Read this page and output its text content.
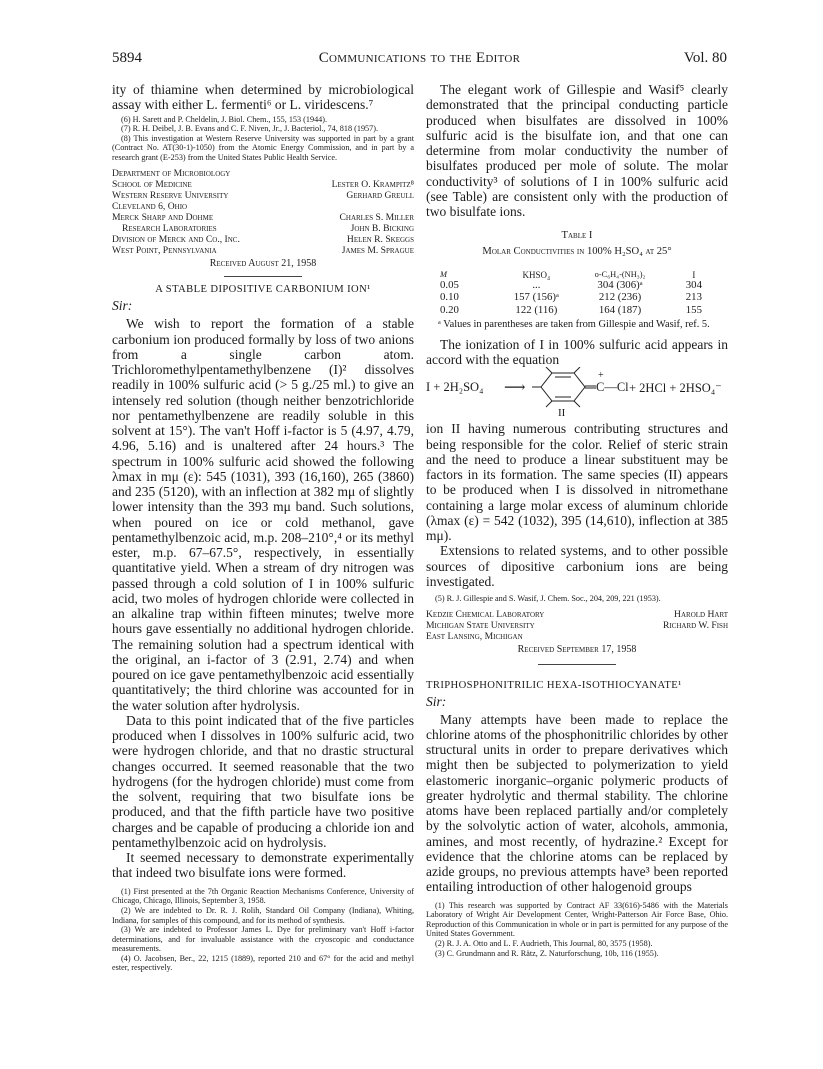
5894	Communications to the Editor	Vol. 80

ity of thiamine when determined by microbiological assay with either L. fermenti⁶ or L. viridescens.⁷

(6) H. Sarett and P. Cheldelin, J. Biol. Chem., 155, 153 (1944).

(7) R. H. Deibel, J. B. Evans and C. F. Niven, Jr., J. Bacteriol., 74, 818 (1957).

(8) This investigation at Western Reserve University was supported in part by a grant (Contract No. AT(30-1)-1050) from the Atomic Energy Commission, and in part by a research grant (E-253) from the United States Public Health Service.

Department of Microbiology
School of Medicine	Lester O. Krampitz⁸
Western Reserve University	Gerhard Greull
Cleveland 6, Ohio
Merck Sharp and Dohme	Charles S. Miller
Research Laboratories	John B. Bicking
Division of Merck and Co., Inc.	Helen R. Skeggs
West Point, Pennsylvania	James M. Sprague

Received August 21, 1958

A STABLE DIPOSITIVE CARBONIUM ION¹

Sir:

We wish to report the formation of a stable carbonium ion produced formally by loss of two anions from a single carbon atom. Trichloromethylpentamethylbenzene (I)² dissolves readily in 100% sulfuric acid (> 5 g./25 ml.) to give an intensely red solution (though neither benzotrichloride nor pentamethylbenzene are readily soluble in this solvent at 15°). The van't Hoff i-factor is 5 (4.97, 4.79, 4.96, 5.16) and is unaltered after 24 hours.³ The spectrum in 100% sulfuric acid showed the following λmax in mμ (ε): 545 (1031), 393 (16,160), 265 (3860) and 235 (5120), with an inflection at 382 mμ of slightly lower intensity than the 393 mμ band. Such solutions, when poured on ice or cold methanol, gave pentamethylbenzoic acid, m.p. 208–210°,⁴ or its methyl ester, m.p. 67–67.5°, respectively, in essentially quantitative yield. When a stream of dry nitrogen was passed through a cold solution of I in 100% sulfuric acid, two moles of hydrogen chloride were collected in an alkaline trap within fifteen minutes; twelve more hours gave essentially no additional hydrogen chloride. The remaining solution had a spectrum identical with the original, an i-factor of 3 (2.91, 2.74) and when poured on ice gave pentamethylbenzoic acid essentially quantitatively; the third chlorine was accounted for in the water solution after hydrolysis.

Data to this point indicated that of the five particles produced when I dissolves in 100% sulfuric acid, two were hydrogen chloride, and that no drastic structural changes occurred. It seemed reasonable that the two hydrogens (for the hydrogen chloride) must come from the solvent, requiring that two bisulfate ions be produced, and that the fifth particle have two positive charges and be capable of producing a chloride ion and pentamethylbenzoic acid on hydrolysis.

It seemed necessary to demonstrate experimentally that indeed two bisulfate ions were formed.

(1) First presented at the 7th Organic Reaction Mechanisms Conference, University of Chicago, Chicago, Illinois, September 3, 1958.

(2) We are indebted to Dr. R. J. Rolih, Standard Oil Company (Indiana), Whiting, Indiana, for samples of this compound, and for its method of synthesis.

(3) We are indebted to Professor James L. Dye for preliminary van't Hoff i-factor determinations, and for invaluable assistance with the cryoscopic and conductance measurements.

(4) O. Jacobsen, Ber., 22, 1215 (1889), reported 210 and 67° for the acid and methyl ester, respectively.

The elegant work of Gillespie and Wasif⁵ clearly demonstrated that the principal conducting particle produced when bisulfates are dissolved in 100% sulfuric acid is the bisulfate ion, and that one can determine from molar conductivity the number of bisulfates produced per mole of solute. The molar conductivity³ of solutions of I in 100% sulfuric acid (see Table) are consistent only with the production of two bisulfate ions.

Table I

Molar Conductivities in 100% H₂SO₄ at 25°

M	KHSO₄	o-C₆H₄-(NH₃)₂	I
0.05	...	304 (306)ᵃ	304
0.10	157 (156)ᵃ	212 (236)	213
0.20	122 (116)	164 (187)	155

ᵃ Values in parentheses are taken from Gillespie and Wasif, ref. 5.

The ionization of I in 100% sulfuric acid appears in accord with the equation

I + 2H₂SO₄ ⟶
+
C—Cl + 2HCl + 2HSO₄⁻
II

ion II having numerous contributing structures and being responsible for the color. Relief of steric strain and the need to produce a linear substituent may be factors in its formation. The same species (II) appears to be produced when I is dissolved in nitromethane containing a large molar excess of aluminum chloride (λmax (ε) = 542 (1032), 395 (14,610), inflection at 385 mμ).

Extensions to related systems, and to other possible sources of dipositive carbonium ions are being investigated.

(5) R. J. Gillespie and S. Wasif, J. Chem. Soc., 204, 209, 221 (1953).

Kedzie Chemical Laboratory	Harold Hart
Michigan State University	Richard W. Fish
East Lansing, Michigan

Received September 17, 1958

TRIPHOSPHONITRILIC HEXA-ISOTHIOCYANATE¹

Sir:

Many attempts have been made to replace the chlorine atoms of the phosphonitrilic chlorides by other structural units in order to prepare derivatives which might then be subjected to polymerization to yield elastomeric inorganic–organic polymeric products of greater hydrolytic and thermal stability. The chlorine atoms have been replaced partially and/or completely by the solvolytic action of water, alcohols, ammonia, amines, and most recently, of hydrazine.² Except for evidence that the chlorine atoms can be replaced by azide groups, no previous attempts have³ been reported entailing introduction of other halogenoid groups

(1) This research was supported by Contract AF 33(616)-5486 with the Materials Laboratory of Wright Air Development Center, Wright-Patterson Air Force Base, Ohio. Reproduction of this Communication in whole or in part is permitted for any purpose of the United States Government.

(2) R. J. A. Otto and L. F. Audrieth, This Journal, 80, 3575 (1958).

(3) C. Grundmann and R. Rätz, Z. Naturforschung, 10b, 116 (1955).
